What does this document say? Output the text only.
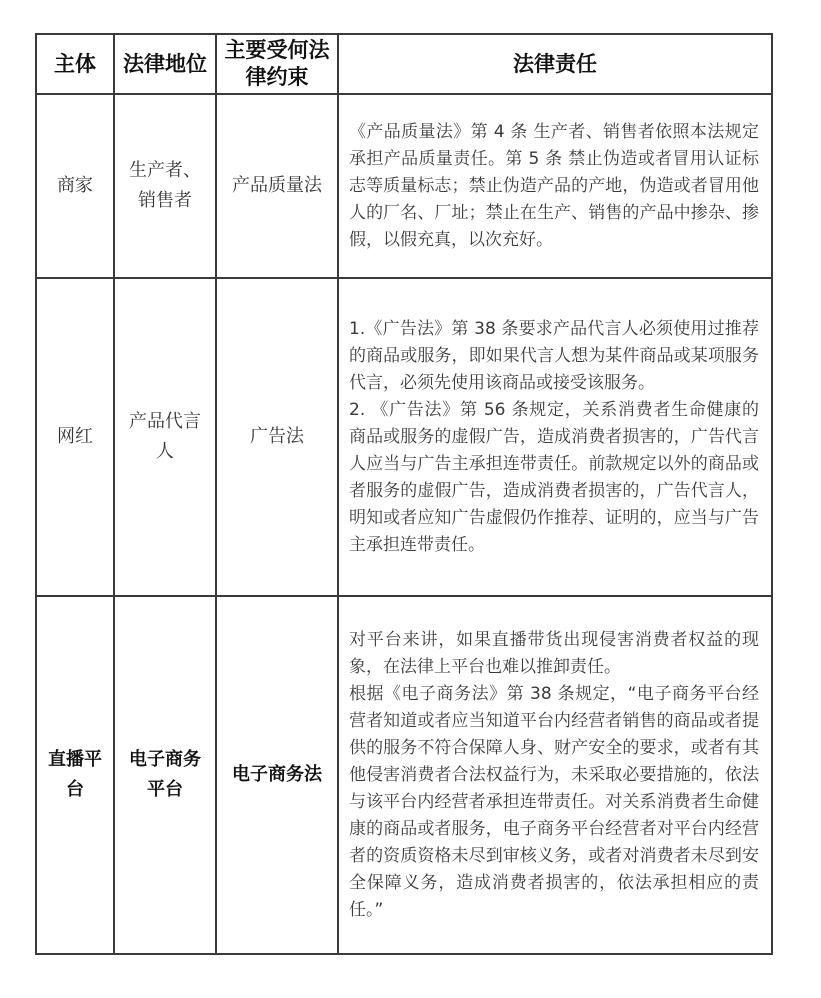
主体	法律地位	主要受何法律约束	法律责任
商家	生产者、销售者	产品质量法	《产品质量法》第 4 条 生产者、销售者依照本法规定承担产品质量责任。第 5 条 禁止伪造或者冒用认证标志等质量标志；禁止伪造产品的产地，伪造或者冒用他人的厂名、厂址；禁止在生产、销售的产品中掺杂、掺假，以假充真，以次充好。

网红	产品代言人	广告法	1.《广告法》第 38 条要求产品代言人必须使用过推荐的商品或服务，即如果代言人想为某件商品或某项服务代言，必须先使用该商品或接受该服务。

2. 《广告法》第 56 条规定，关系消费者生命健康的商品或服务的虚假广告，造成消费者损害的，广告代言人应当与广告主承担连带责任。前款规定以外的商品或者服务的虚假广告，造成消费者损害的，广告代言人，明知或者应知广告虚假仍作推荐、证明的，应当与广告主承担连带责任。

直播平台	电子商务平台	电子商务法	对平台来讲，如果直播带货出现侵害消费者权益的现象，在法律上平台也难以推卸责任。

根据《电子商务法》第 38 条规定，“电子商务平台经营者知道或者应当知道平台内经营者销售的商品或者提供的服务不符合保障人身、财产安全的要求，或者有其他侵害消费者合法权益行为，未采取必要措施的，依法与该平台内经营者承担连带责任。对关系消费者生命健康的商品或者服务，电子商务平台经营者对平台内经营者的资质资格未尽到审核义务，或者对消费者未尽到安全保障义务，造成消费者损害的，依法承担相应的责任。”
